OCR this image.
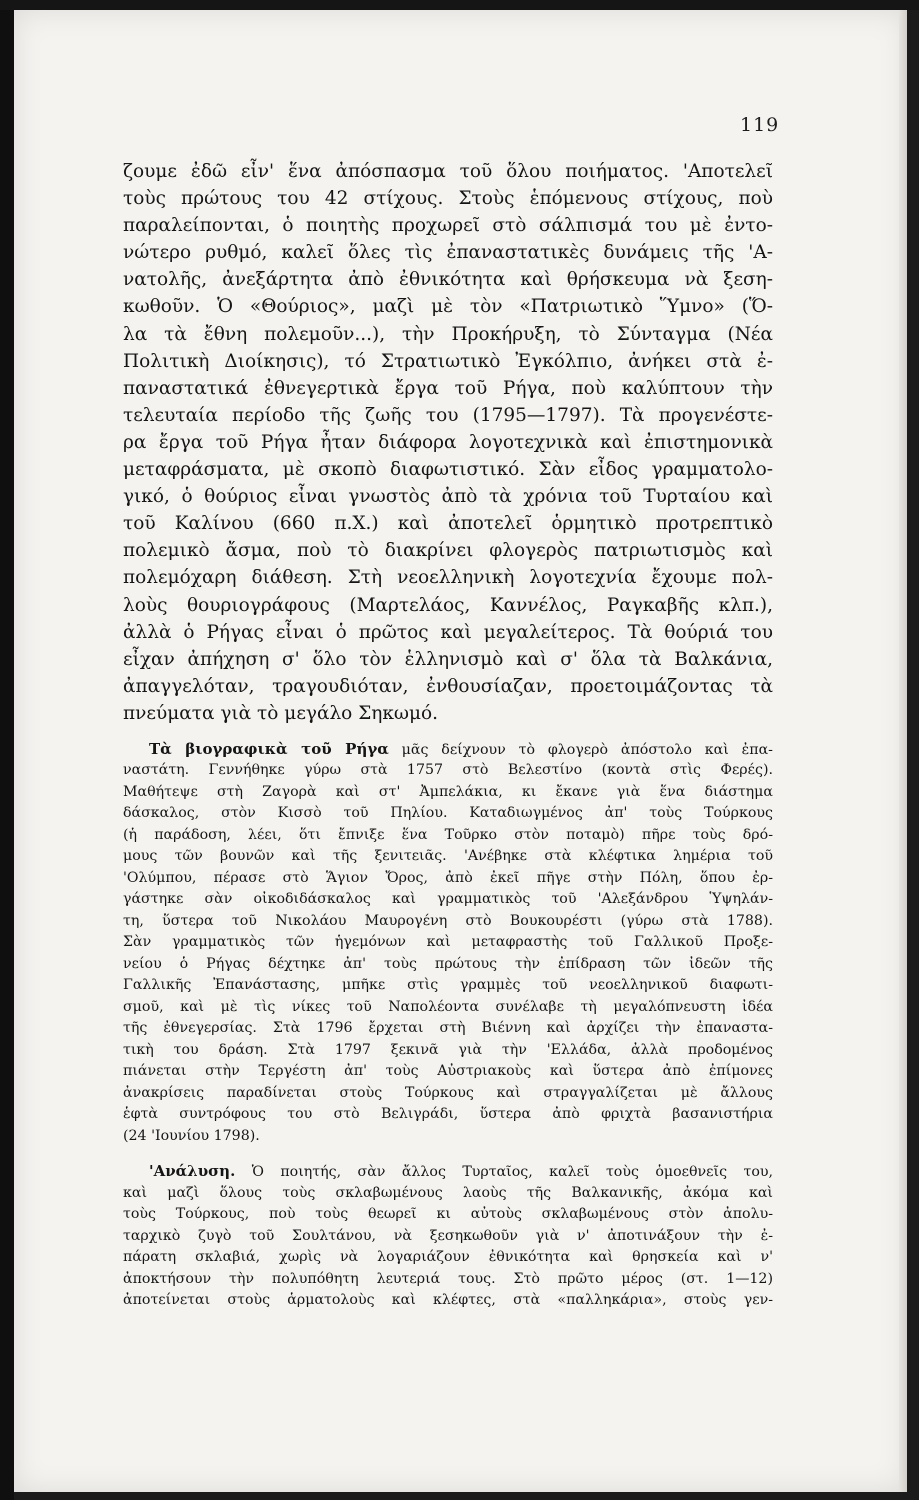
119
ζουμε ἐδῶ εἶν' ἕνα ἀπόσπασμα τοῦ ὅλου ποιήματος. 'Αποτελεῖ
τοὺς πρώτους του 42 στίχους. Στοὺς ἑπόμενους στίχους, ποὺ
παραλείπονται, ὁ ποιητὴς προχωρεῖ στὸ σάλπισμά του μὲ ἐντο-
νώτερο ρυθμό, καλεῖ ὅλες τὶς ἐπαναστατικὲς δυνάμεις τῆς 'Α-
νατολῆς, ἀνεξάρτητα ἀπὸ ἐθνικότητα καὶ θρήσκευμα νὰ ξεση-
κωθοῦν. Ὁ «Θούριος», μαζὶ μὲ τὸν «Πατριωτικὸ Ὕμνο» (Ὅ-
λα τὰ ἔθνη πολεμοῦν...), τὴν Προκήρυξη, τὸ Σύνταγμα (Νέα
Πολιτικὴ Διοίκησις), τό Στρατιωτικὸ Ἐγκόλπιο, ἀνήκει στὰ ἐ-
παναστατικά ἐθνεγερτικὰ ἔργα τοῦ Ρήγα, ποὺ καλύπτουν τὴν
τελευταία περίοδο τῆς ζωῆς του (1795—1797). Τὰ προγενέστε-
ρα ἔργα τοῦ Ρήγα ἦταν διάφορα λογοτεχνικὰ καὶ ἐπιστημονικὰ
μεταφράσματα, μὲ σκοπὸ διαφωτιστικό. Σὰν εἶδος γραμματολο-
γικό, ὁ θούριος εἶναι γνωστὸς ἀπὸ τὰ χρόνια τοῦ Τυρταίου καὶ
τοῦ Καλίνου (660 π.Χ.) καὶ ἀποτελεῖ ὁρμητικὸ προτρεπτικὸ
πολεμικὸ ἄσμα, ποὺ τὸ διακρίνει φλογερὸς πατριωτισμὸς καὶ
πολεμόχαρη διάθεση. Στὴ νεοελληνικὴ λογοτεχνία ἔχουμε πολ-
λοὺς θουριογράφους (Μαρτελάος, Καννέλος, Ραγκαβῆς κλπ.),
ἀλλὰ ὁ Ρήγας εἶναι ὁ πρῶτος καὶ μεγαλείτερος. Τὰ θούριά του
εἶχαν ἀπήχηση σ' ὅλο τὸν ἑλληνισμὸ καὶ σ' ὅλα τὰ Βαλκάνια,
ἀπαγγελόταν, τραγουδιόταν, ἐνθουσίαζαν, προετοιμάζοντας τὰ
πνεύματα γιὰ τὸ μεγάλο Σηκωμό.
Τὰ βιογραφικὰ τοῦ Ρήγα μᾶς δείχνουν τὸ φλογερὸ ἀπόστολο καὶ ἐπα-
ναστάτη. Γεννήθηκε γύρω στὰ 1757 στὸ Βελεστίνο (κοντὰ στὶς Φερές).
Μαθήτεψε στὴ Ζαγορὰ καὶ στ' Ἀμπελάκια, κι ἔκανε γιὰ ἕνα διάστημα
δάσκαλος, στὸν Κισσὸ τοῦ Πηλίου. Καταδιωγμένος ἀπ' τοὺς Τούρκους
(ἡ παράδοση, λέει, ὅτι ἔπνιξε ἕνα Τοῦρκο στὸν ποταμὸ) πῆρε τοὺς δρό-
μους τῶν βουνῶν καὶ τῆς ξενιτειᾶς. 'Ανέβηκε στὰ κλέφτικα λημέρια τοῦ
'Ολύμπου, πέρασε στὸ Ἅγιον Ὄρος, ἀπὸ ἐκεῖ πῆγε στὴν Πόλη, ὅπου ἐρ-
γάστηκε σὰν οἰκοδιδάσκαλος καὶ γραμματικὸς τοῦ 'Αλεξάνδρου Ὑψηλάν-
τη, ὕστερα τοῦ Νικολάου Μαυρογένη στὸ Βουκουρέστι (γύρω στὰ 1788).
Σὰν γραμματικὸς τῶν ἡγεμόνων καὶ μεταφραστὴς τοῦ Γαλλικοῦ Προξε-
νείου ὁ Ρήγας δέχτηκε ἀπ' τοὺς πρώτους τὴν ἐπίδραση τῶν ἰδεῶν τῆς
Γαλλικῆς Ἐπανάστασης, μπῆκε στὶς γραμμὲς τοῦ νεοελληνικοῦ διαφωτι-
σμοῦ, καὶ μὲ τὶς νίκες τοῦ Ναπολέοντα συνέλαβε τὴ μεγαλόπνευστη ἰδέα
τῆς ἐθνεγερσίας. Στὰ 1796 ἔρχεται στὴ Βιέννη καὶ ἀρχίζει τὴν ἐπαναστα-
τικὴ του δράση. Στὰ 1797 ξεκινᾶ γιὰ τὴν 'Ελλάδα, ἀλλὰ προδομένος
πιάνεται στὴν Τεργέστη ἀπ' τοὺς Αὐστριακοὺς καὶ ὕστερα ἀπὸ ἐπίμονες
ἀνακρίσεις παραδίνεται στοὺς Τούρκους καὶ στραγγαλίζεται μὲ ἄλλους
ἑφτὰ συντρόφους του στὸ Βελιγράδι, ὕστερα ἀπὸ φριχτὰ βασανιστήρια
(24 'Ιουνίου 1798).
'Ανάλυση. Ὁ ποιητής, σὰν ἄλλος Τυρταῖος, καλεῖ τοὺς ὁμοεθνεῖς του,
καὶ μαζὶ ὅλους τοὺς σκλαβωμένους λαοὺς τῆς Βαλκανικῆς, ἀκόμα καὶ
τοὺς Τούρκους, ποὺ τοὺς θεωρεῖ κι αὐτοὺς σκλαβωμένους στὸν ἀπολυ-
ταρχικὸ ζυγὸ τοῦ Σουλτάνου, νὰ ξεσηκωθοῦν γιὰ ν' ἀποτινάξουν τὴν ἐ-
πάρατη σκλαβιά, χωρὶς νὰ λογαριάζουν ἐθνικότητα καὶ θρησκεία καὶ ν'
ἀποκτήσουν τὴν πολυπόθητη λευτεριά τους. Στὸ πρῶτο μέρος (στ. 1—12)
ἀποτείνεται στοὺς ἁρματολοὺς καὶ κλέφτες, στὰ «παλληκάρια», στοὺς γεν-
